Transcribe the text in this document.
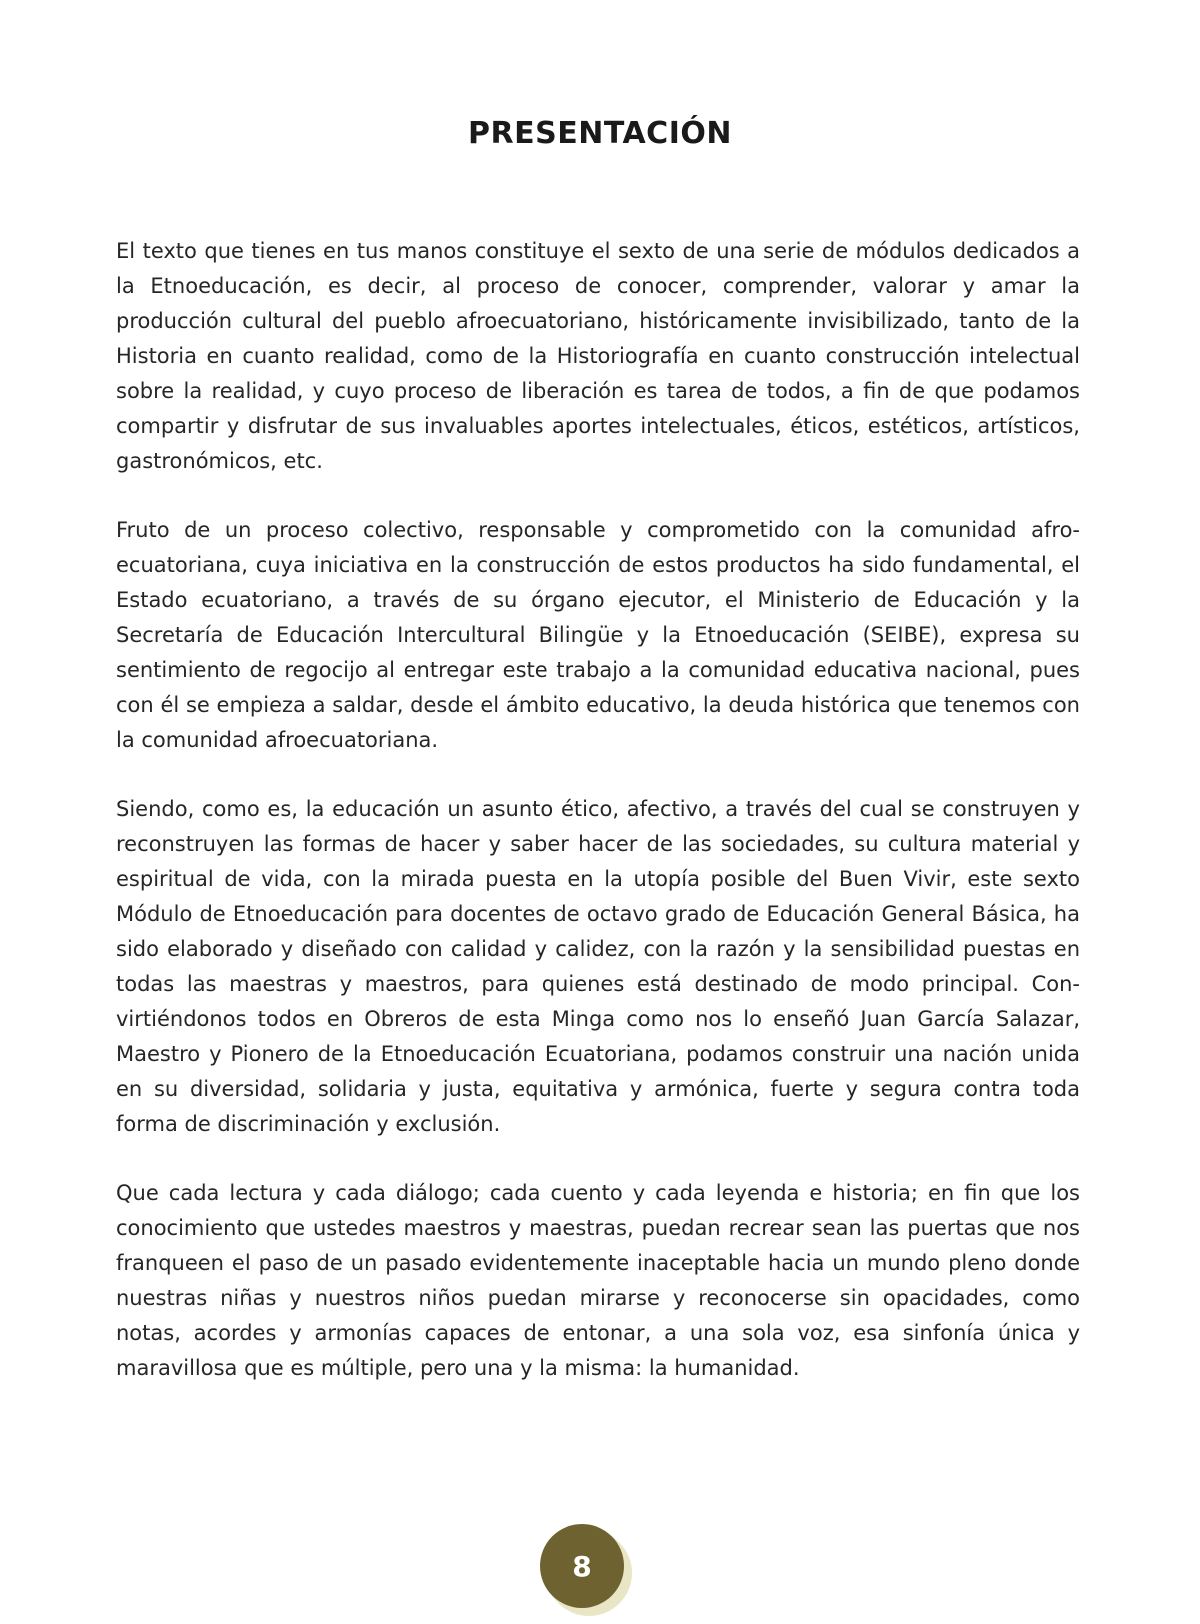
PRESENTACIÓN

El texto que tienes en tus manos constituye el sexto de una serie de módulos dedicados a la Etnoeducación, es decir, al proceso de conocer, comprender, valorar y amar la producción cultural del pueblo afroecuatoriano, históricamente invisibilizado, tanto de la Historia en cuanto realidad, como de la Historiografía en cuanto construcción intelectual sobre la realidad, y cuyo proceso de liberación es tarea de todos, a fin de que podamos compartir y disfrutar de sus invaluables aportes intelectuales, éticos, estéticos, artísticos, gastronómicos, etc.

Fruto de un proceso colectivo, responsable y comprometido con la comunidad afroecuatoriana, cuya iniciativa en la construcción de estos productos ha sido fundamental, el Estado ecuatoriano, a través de su órgano ejecutor, el Ministerio de Educación y la Secretaría de Educación Intercultural Bilingüe y la Etnoeducación (SEIBE), expresa su sentimiento de regocijo al entregar este trabajo a la comunidad educativa nacional, pues con él se empieza a saldar, desde el ámbito educativo, la deuda histórica que tenemos con la comunidad afroecuatoriana.

Siendo, como es, la educación un asunto ético, afectivo, a través del cual se construyen y reconstruyen las formas de hacer y saber hacer de las sociedades, su cultura material y espiritual de vida, con la mirada puesta en la utopía posible del Buen Vivir, este sexto Módulo de Etnoeducación para docentes de octavo grado de Educación General Básica, ha sido elaborado y diseñado con calidad y calidez, con la razón y la sensibilidad puestas en todas las maestras y maestros, para quienes está destinado de modo principal. Convirtiéndonos todos en Obreros de esta Minga como nos lo enseñó Juan García Salazar, Maestro y Pionero de la Etnoeducación Ecuatoriana, podamos construir una nación unida en su diversidad, solidaria y justa, equitativa y armónica, fuerte y segura contra toda forma de discriminación y exclusión.

Que cada lectura y cada diálogo; cada cuento y cada leyenda e historia; en fin que los conocimiento que ustedes maestros y maestras, puedan recrear sean las puertas que nos franqueen el paso de un pasado evidentemente inaceptable hacia un mundo pleno donde nuestras niñas y nuestros niños puedan mirarse y reconocerse sin opacidades, como notas, acordes y armonías capaces de entonar, a una sola voz, esa sinfonía única y maravillosa que es múltiple, pero una y la misma: la humanidad.

8
